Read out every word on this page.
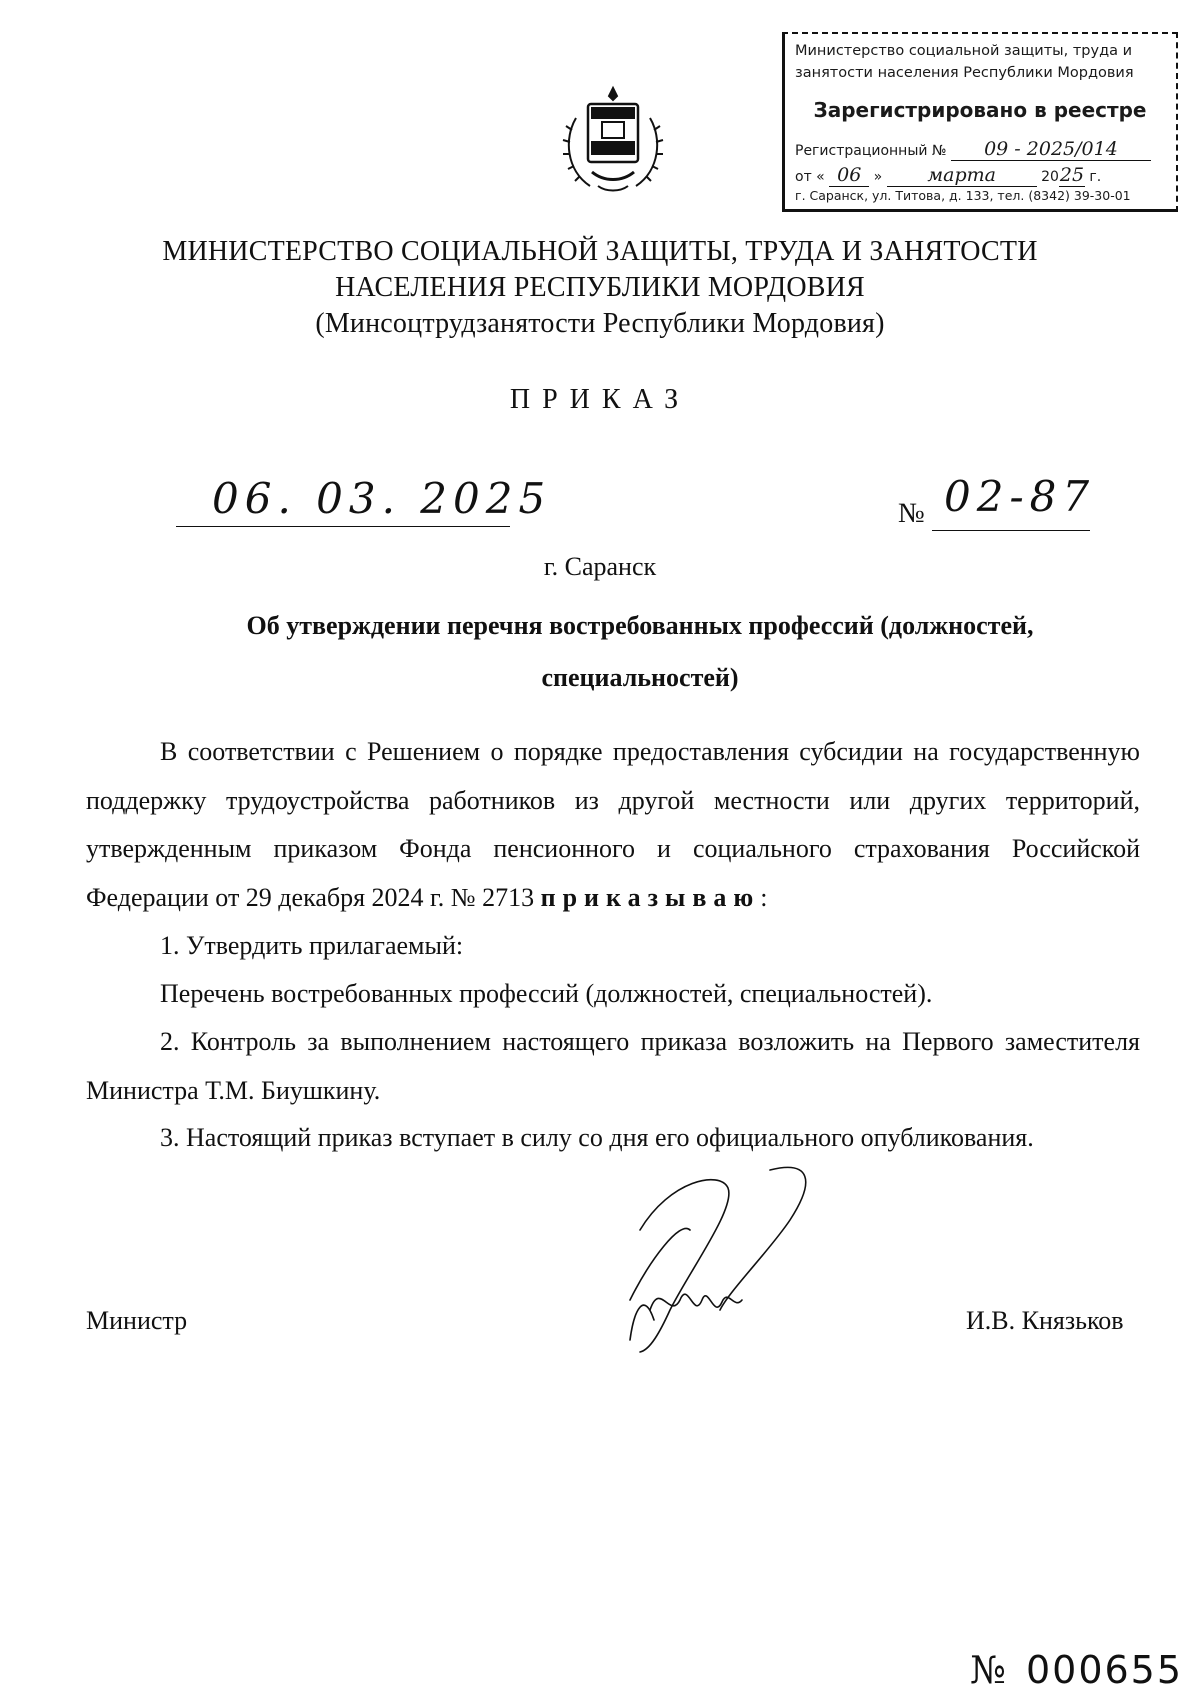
Министерство социальной защиты, труда и
занятости населения Республики Мордовия
Зарегистрировано в реестре
Регистрационный № 09 - 2025/014
от « 06 » марта	2025 г.
г. Саранск, ул. Титова, д. 133, тел. (8342) 39-30-01
МИНИСТЕРСТВО СОЦИАЛЬНОЙ ЗАЩИТЫ, ТРУДА И ЗАНЯТОСТИ
НАСЕЛЕНИЯ РЕСПУБЛИКИ МОРДОВИЯ
(Минсоцтрудзанятости Республики Мордовия)
ПРИКАЗ
06. 03. 2025	№ 02-87
г. Саранск
Об утверждении перечня востребованных профессий (должностей,
специальностей)
В соответствии с Решением о порядке предоставления субсидии на государственную поддержку трудоустройства работников из другой местности или других территорий, утвержденным приказом Фонда пенсионного и социального страхования Российской Федерации от 29 декабря 2024 г. № 2713 приказываю:
1. Утвердить прилагаемый:
Перечень востребованных профессий (должностей, специальностей).
2. Контроль за выполнением настоящего приказа возложить на Первого заместителя Министра Т.М. Биушкину.
3. Настоящий приказ вступает в силу со дня его официального опубликования.
Министр	И.В. Князьков
№ 000655
